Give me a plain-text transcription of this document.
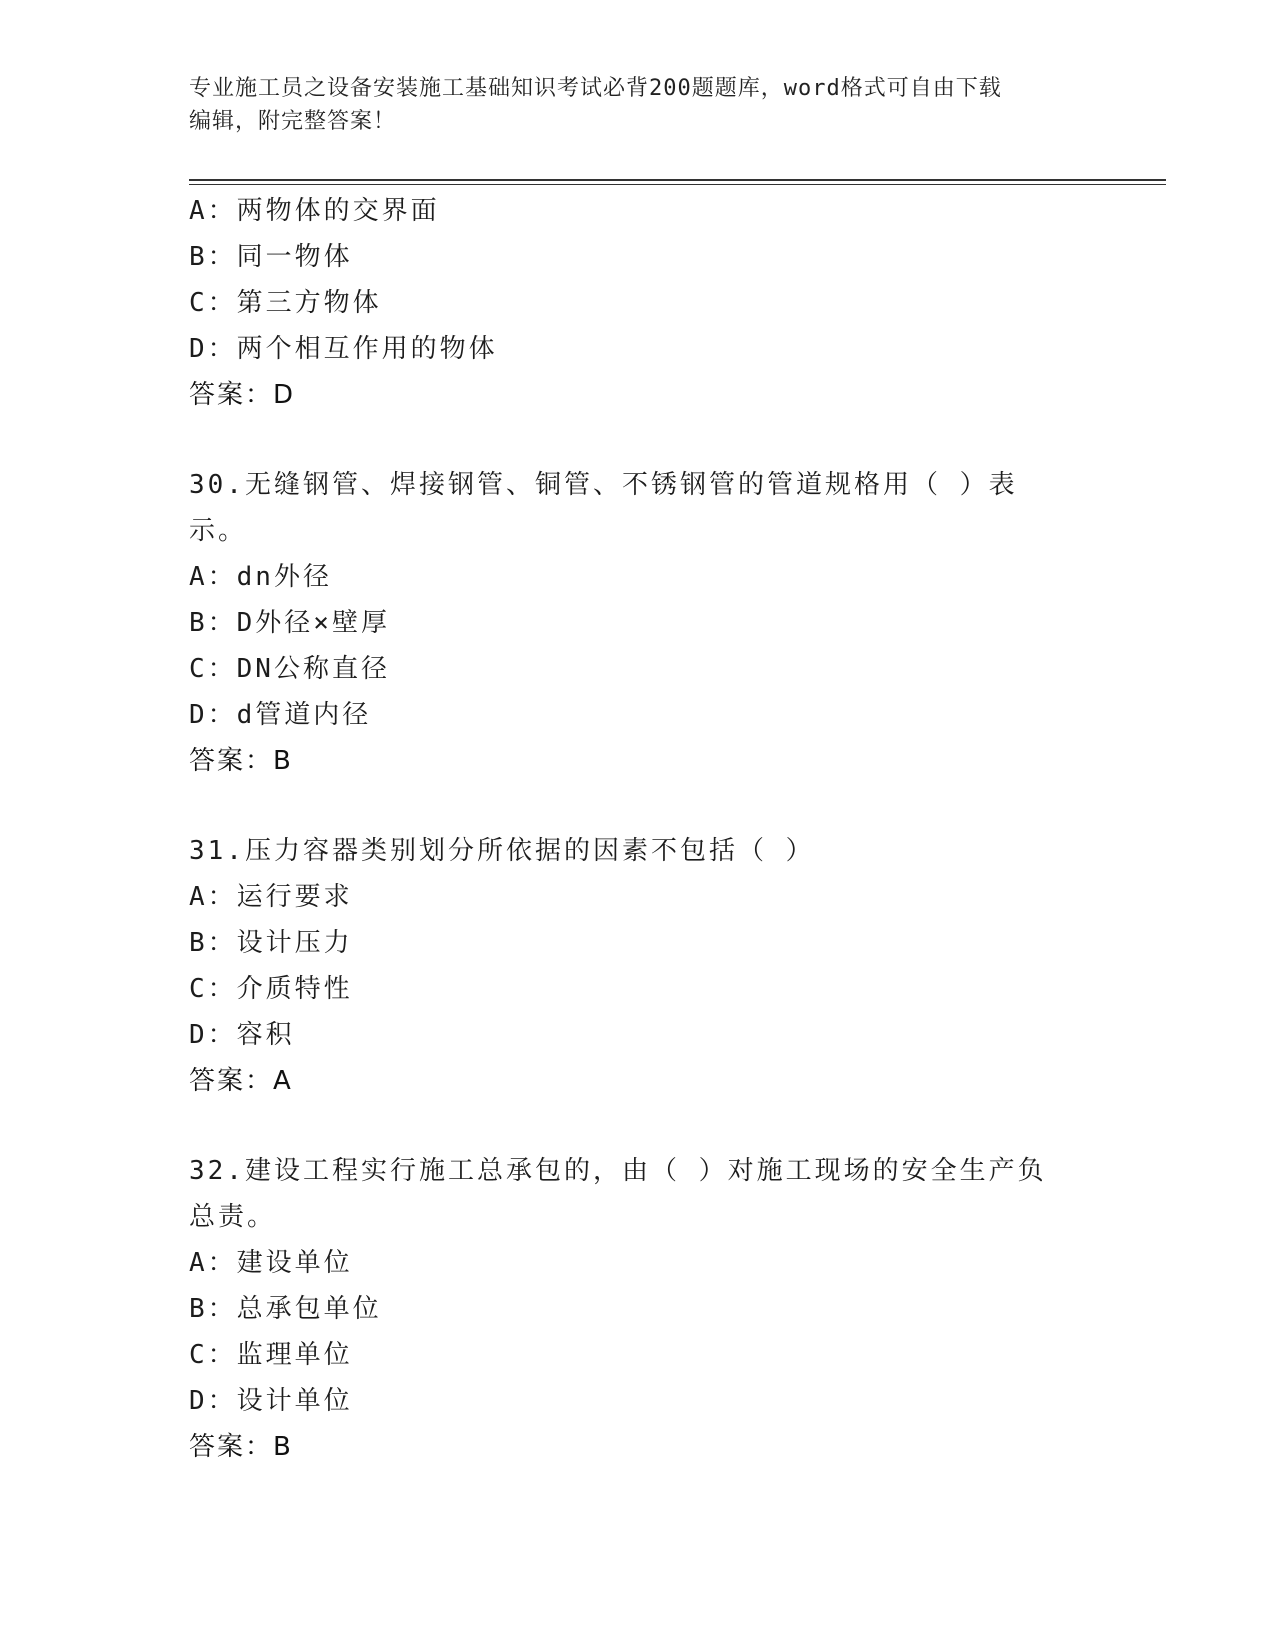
专业施工员之设备安装施工基础知识考试必背200题题库，word格式可自由下载
编辑，附完整答案！
A：两物体的交界面
B：同一物体
C：第三方物体
D：两个相互作用的物体
答案：D
30.无缝钢管、焊接钢管、铜管、不锈钢管的管道规格用（ ）表示。
A：dn外径
B：D外径×壁厚
C：DN公称直径
D：d管道内径
答案：B
31.压力容器类别划分所依据的因素不包括（ ）
A：运行要求
B：设计压力
C：介质特性
D：容积
答案：A
32.建设工程实行施工总承包的，由（ ）对施工现场的安全生产负总责。
A：建设单位
B：总承包单位
C：监理单位
D：设计单位
答案：B
